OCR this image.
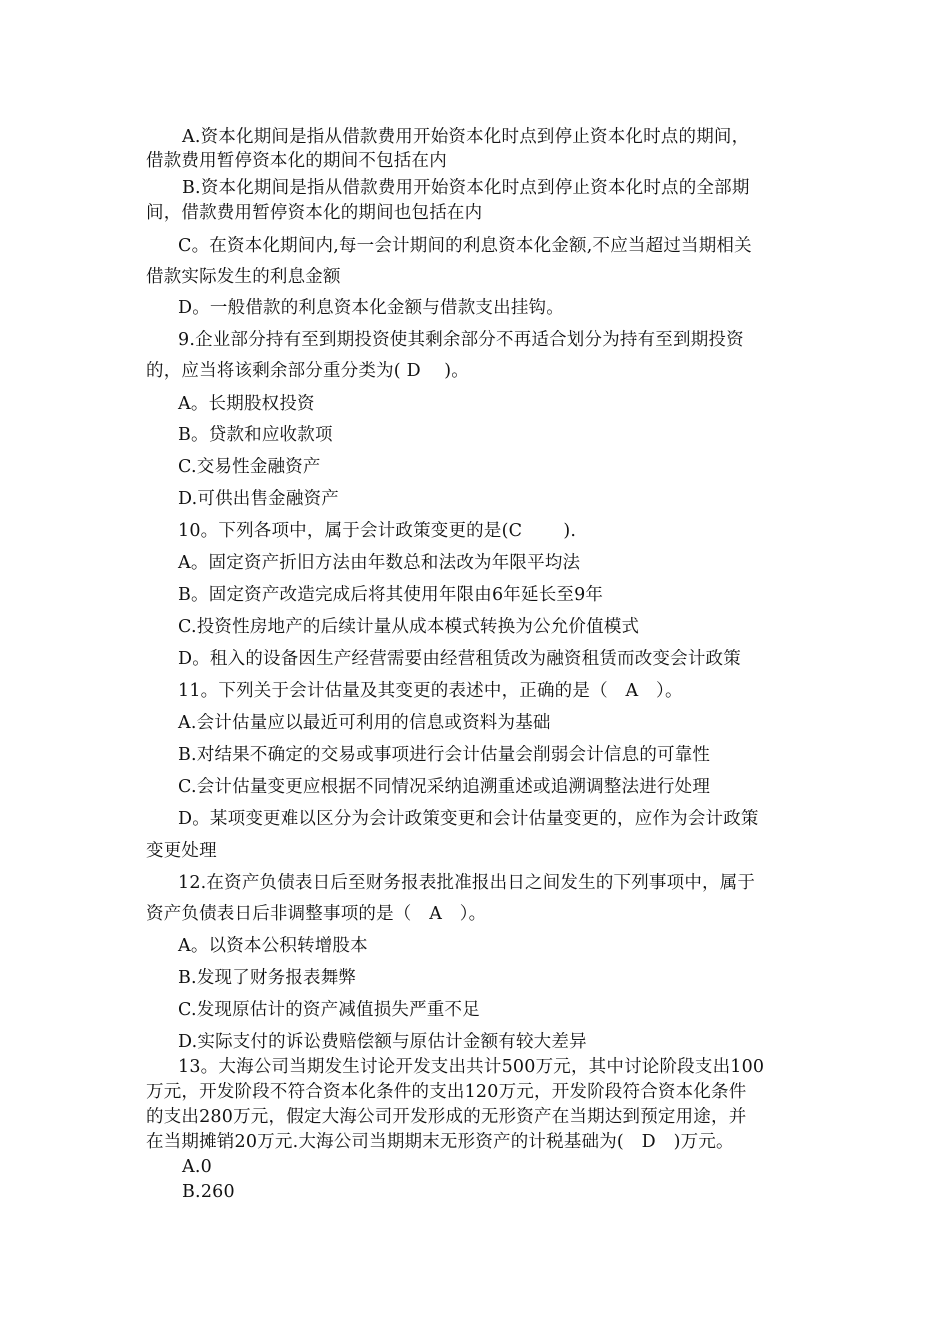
A.资本化期间是指从借款费用开始资本化时点到停止资本化时点的期间，
借款费用暂停资本化的期间不包括在内
B.资本化期间是指从借款费用开始资本化时点到停止资本化时点的全部期
间，借款费用暂停资本化的期间也包括在内
C。在资本化期间内,每一会计期间的利息资本化金额,不应当超过当期相关
借款实际发生的利息金额
D。一般借款的利息资本化金额与借款支出挂钩。
9.企业部分持有至到期投资使其剩余部分不再适合划分为持有至到期投资
的，应当将该剩余部分重分类为( D　 )。
A。长期股权投资
B。贷款和应收款项
C.交易性金融资产
D.可供出售金融资产
10。下列各项中，属于会计政策变更的是(C　　 ).
A。固定资产折旧方法由年数总和法改为年限平均法
B。固定资产改造完成后将其使用年限由6年延长至9年
C.投资性房地产的后续计量从成本模式转换为公允价值模式
D。租入的设备因生产经营需要由经营租赁改为融资租赁而改变会计政策
11。下列关于会计估量及其变更的表述中，正确的是（　A　）。
A.会计估量应以最近可利用的信息或资料为基础
B.对结果不确定的交易或事项进行会计估量会削弱会计信息的可靠性
C.会计估量变更应根据不同情况采纳追溯重述或追溯调整法进行处理
D。某项变更难以区分为会计政策变更和会计估量变更的，应作为会计政策
变更处理
12.在资产负债表日后至财务报表批准报出日之间发生的下列事项中，属于
资产负债表日后非调整事项的是（　A　）。
A。以资本公积转增股本
B.发现了财务报表舞弊
C.发现原估计的资产减值损失严重不足
D.实际支付的诉讼费赔偿额与原估计金额有较大差异
13。大海公司当期发生讨论开发支出共计500万元，其中讨论阶段支出100
万元，开发阶段不符合资本化条件的支出120万元，开发阶段符合资本化条件
的支出280万元，假定大海公司开发形成的无形资产在当期达到预定用途，并
在当期摊销20万元.大海公司当期期末无形资产的计税基础为(　D　)万元。
A.0
B.260
